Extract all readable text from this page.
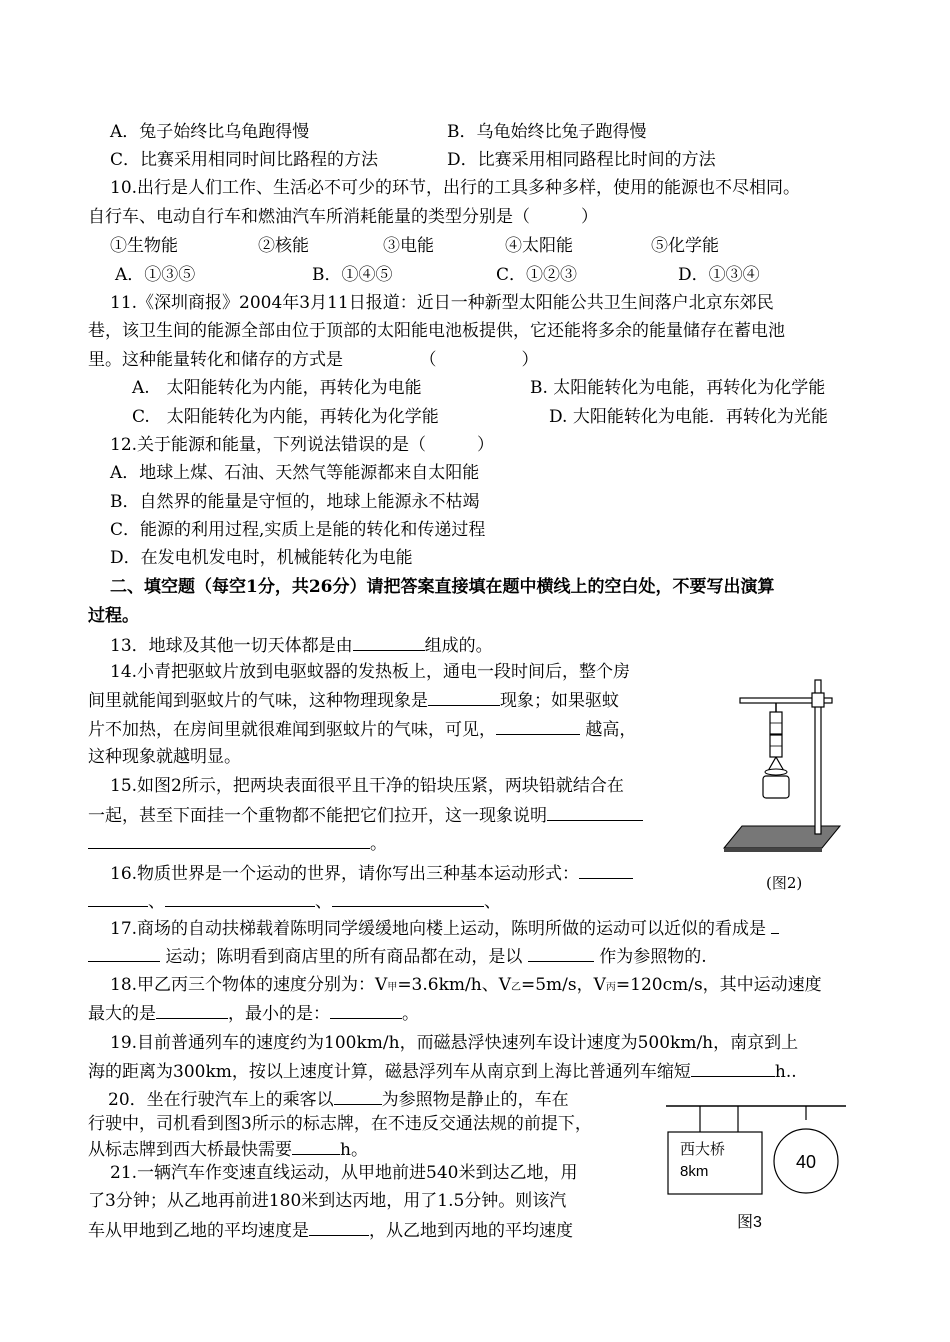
A．兔子始终比乌龟跑得慢	B．乌龟始终比兔子跑得慢
C．比赛采用相同时间比路程的方法	D．比赛采用相同路程比时间的方法
10.出行是人们工作、生活必不可少的环节，出行的工具多种多样，使用的能源也不尽相同。
自行车、电动自行车和燃油汽车所消耗能量的类型分别是（　　　）
①生物能	②核能	③电能	④太阳能	⑤化学能
A．①③⑤	B．①④⑤	C．①②③	D．①③④
11.《深圳商报》2004年3月11日报道：近日一种新型太阳能公共卫生间落户北京东郊民
巷，该卫生间的能源全部由位于顶部的太阳能电池板提供，它还能将多余的能量储存在蓄电池
里。这种能量转化和储存的方式是　　　　　（　　　　　）
A.　太阳能转化为内能，再转化为电能	B. 太阳能转化为电能，再转化为化学能
C.　太阳能转化为内能，再转化为化学能	D. 大阳能转化为电能．再转化为光能
12.关于能源和能量，下列说法错误的是（　　　）
A．地球上煤、石油、天然气等能源都来自太阳能
B．自然界的能量是守恒的，地球上能源永不枯竭
C．能源的利用过程,实质上是能的转化和传递过程
D．在发电机发电时，机械能转化为电能
二、填空题（每空1分，共26分）请把答案直接填在题中横线上的空白处，不要写出演算
过程。
13．地球及其他一切天体都是由	组成的。
14.小青把驱蚊片放到电驱蚊器的发热板上，通电一段时间后，整个房
间里就能闻到驱蚊片的气味，这种物理现象是	现象；如果驱蚊
片不加热，在房间里就很难闻到驱蚊片的气味，可见，	越高，
这种现象就越明显。
15.如图2所示，把两块表面很平且干净的铅块压紧，两块铅就结合在
一起，甚至下面挂一个重物都不能把它们拉开，这一现象说明
。
(图2)
16.物质世界是一个运动的世界，请你写出三种基本运动形式：
、	、	、
17.商场的自动扶梯载着陈明同学缓缓地向楼上运动，陈明所做的运动可以近似的看成是
运动；陈明看到商店里的所有商品都在动，是以	作为参照物的.
18.甲乙丙三个物体的速度分别为：V甲=3.6km/h、V乙=5m/s，V丙=120cm/s，其中运动速度
最大的是	，最小的是：	。
19.目前普通列车的速度约为100km/h，而磁悬浮快速列车设计速度为500km/h，南京到上
海的距离为300km，按以上速度计算，磁悬浮列车从南京到上海比普通列车缩短	h..
20．坐在行驶汽车上的乘客以	为参照物是静止的，车在
行驶中，司机看到图3所示的标志牌，在不违反交通法规的前提下，
从标志牌到西大桥最快需要	h。	西大桥
8km	40
图3
21.一辆汽车作变速直线运动，从甲地前进540米到达乙地，用
了3分钟；从乙地再前进180米到达丙地，用了1.5分钟。则该汽
车从甲地到乙地的平均速度是	，从乙地到丙地的平均速度
